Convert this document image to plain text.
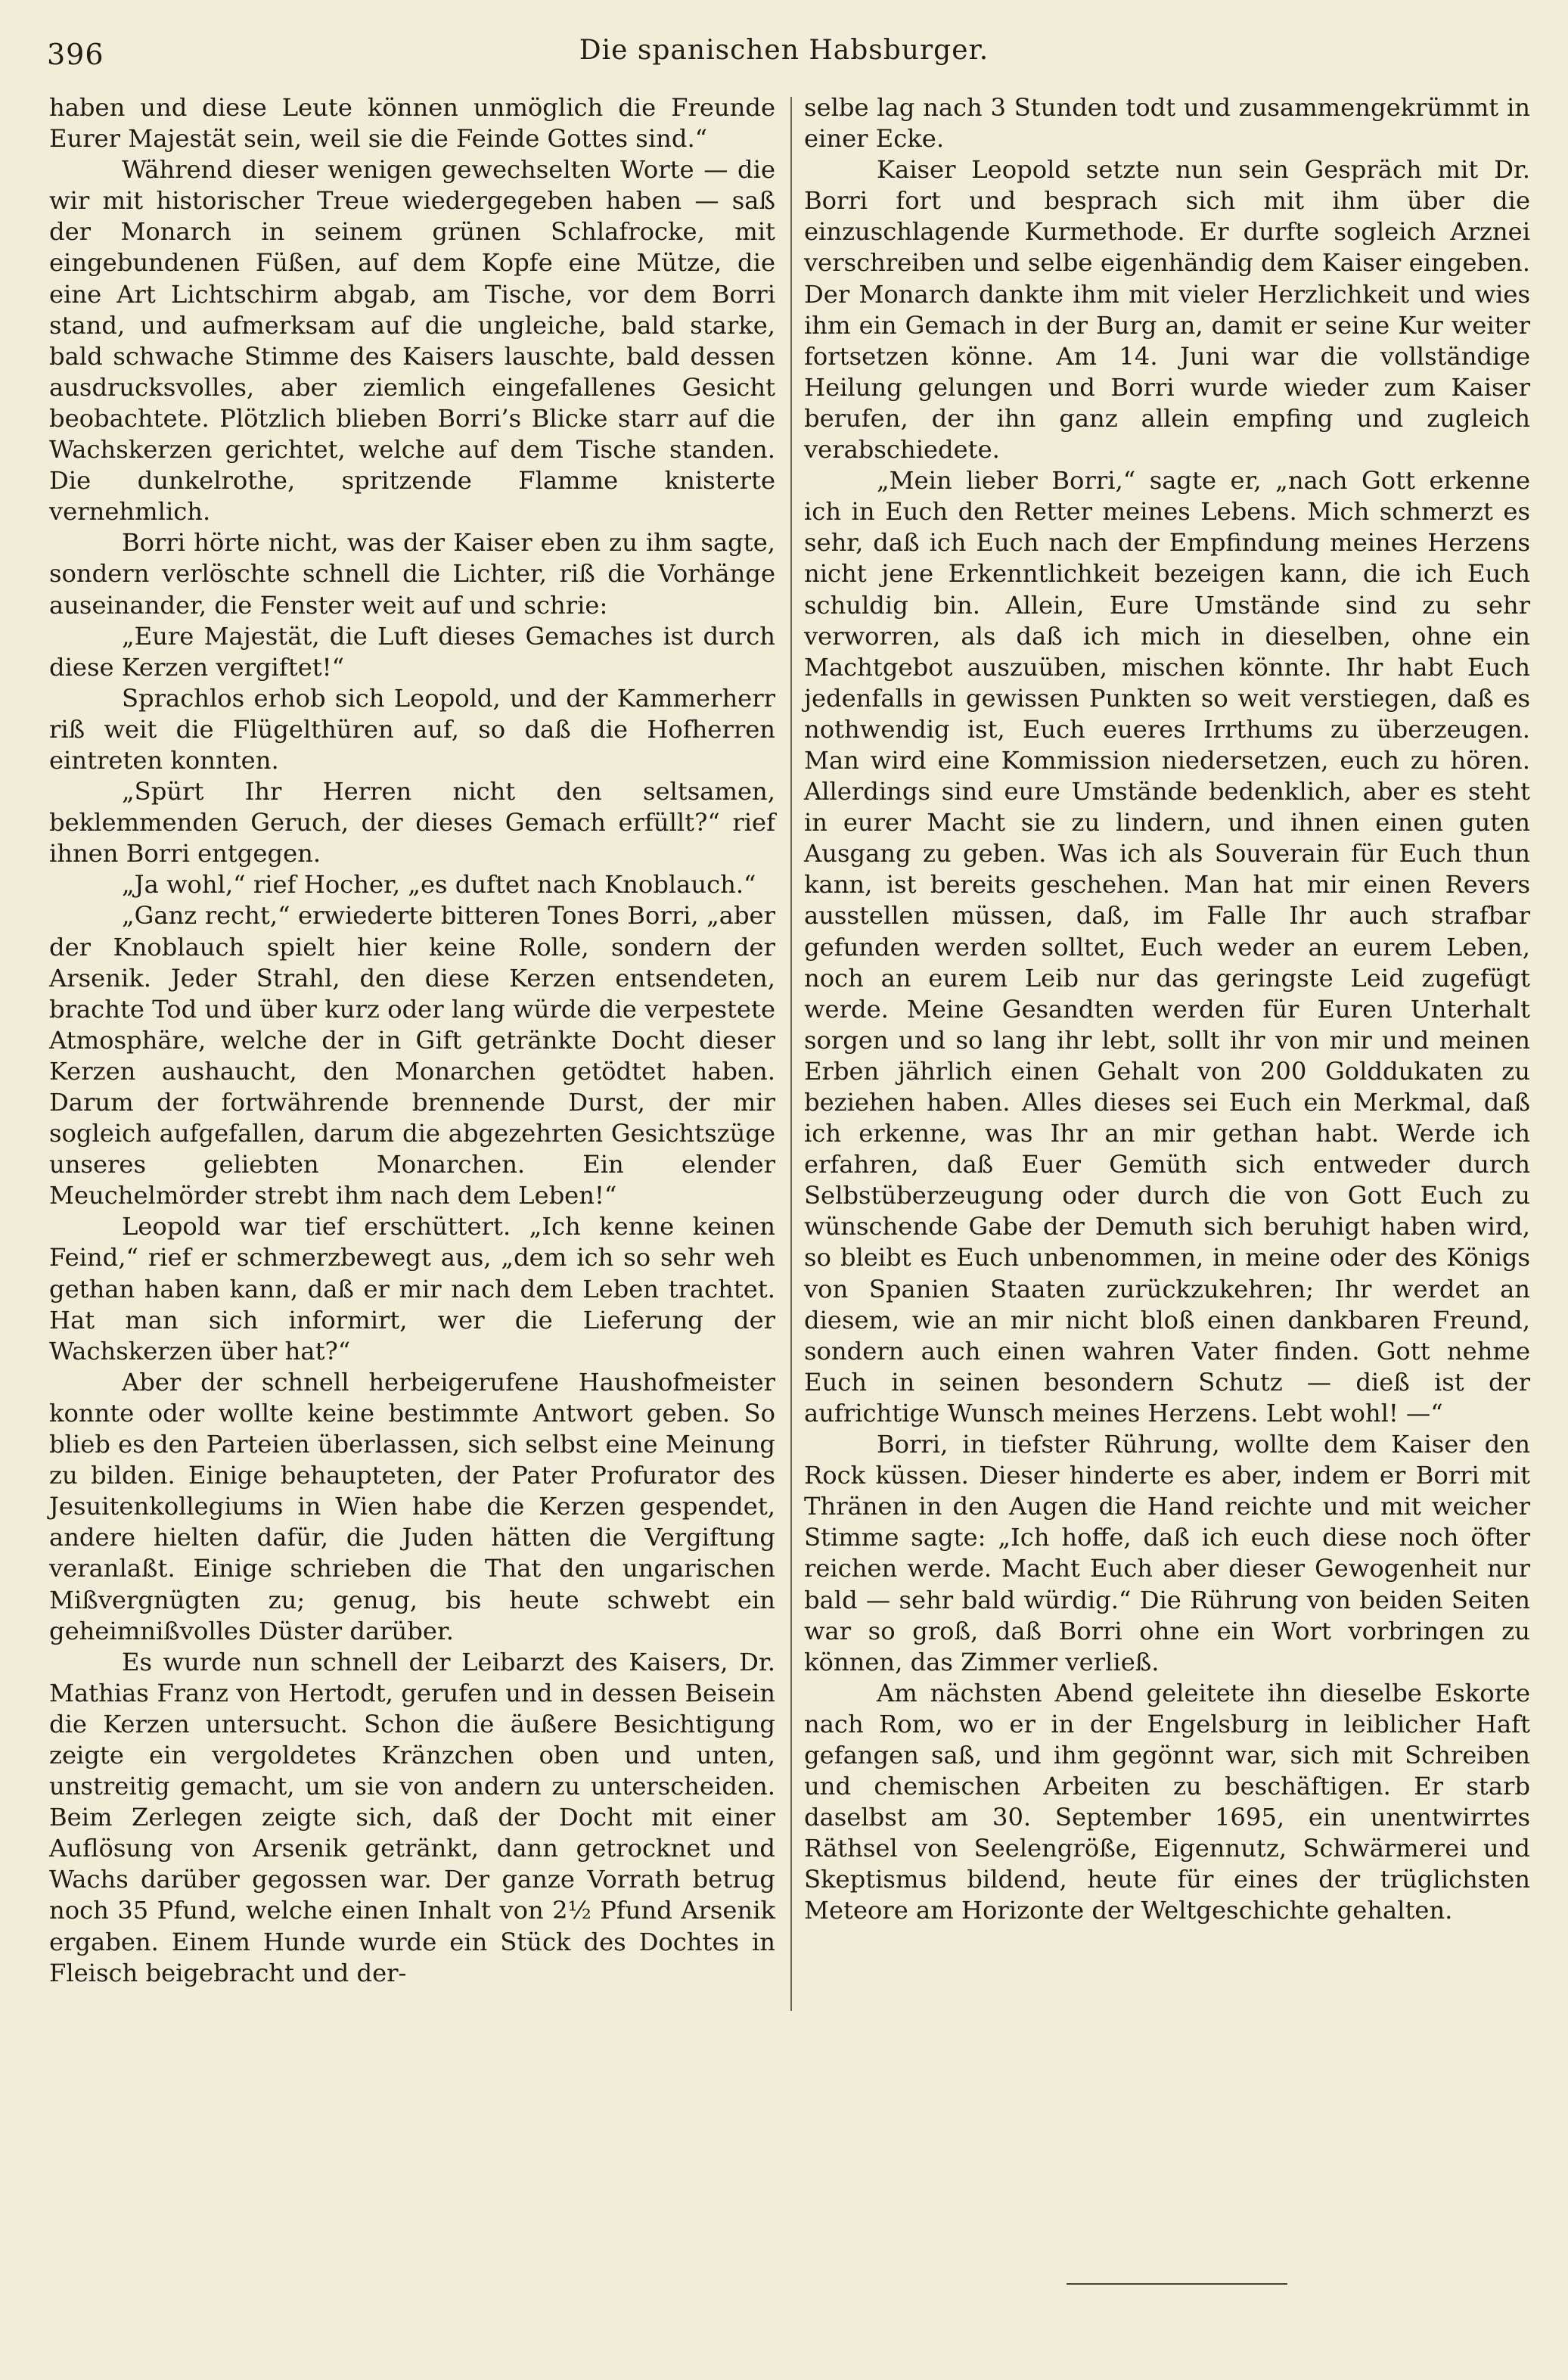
396	Die spanischen Habsburger.

haben und diese Leute können unmöglich die Freunde Eurer Majestät sein, weil sie die Feinde Gottes sind.“

Während dieser wenigen gewechselten Worte — die wir mit historischer Treue wiedergegeben haben — saß der Monarch in seinem grünen Schlafrocke, mit eingebundenen Füßen, auf dem Kopfe eine Mütze, die eine Art Lichtschirm abgab, am Tische, vor dem Borri stand, und aufmerksam auf die ungleiche, bald starke, bald schwache Stimme des Kaisers lauschte, bald dessen ausdrucksvolles, aber ziemlich eingefallenes Gesicht beobachtete. Plötzlich blieben Borri’s Blicke starr auf die Wachskerzen gerichtet, welche auf dem Tische standen. Die dunkelrothe, spritzende Flamme knisterte vernehmlich.

Borri hörte nicht, was der Kaiser eben zu ihm sagte, sondern verlöschte schnell die Lichter, riß die Vorhänge auseinander, die Fenster weit auf und schrie:

„Eure Majestät, die Luft dieses Gemaches ist durch diese Kerzen vergiftet!“

Sprachlos erhob sich Leopold, und der Kammerherr riß weit die Flügelthüren auf, so daß die Hofherren eintreten konnten.

„Spürt Ihr Herren nicht den seltsamen, beklemmenden Geruch, der dieses Gemach erfüllt?“ rief ihnen Borri entgegen.

„Ja wohl,“ rief Hocher, „es duftet nach Knoblauch.“

„Ganz recht,“ erwiederte bitteren Tones Borri, „aber der Knoblauch spielt hier keine Rolle, sondern der Arsenik. Jeder Strahl, den diese Kerzen entsendeten, brachte Tod und über kurz oder lang würde die verpestete Atmosphäre, welche der in Gift getränkte Docht dieser Kerzen aushaucht, den Monarchen getödtet haben. Darum der fortwährende brennende Durst, der mir sogleich aufgefallen, darum die abgezehrten Gesichtszüge unseres geliebten Monarchen. Ein elender Meuchelmörder strebt ihm nach dem Leben!“

Leopold war tief erschüttert. „Ich kenne keinen Feind,“ rief er schmerzbewegt aus, „dem ich so sehr weh gethan haben kann, daß er mir nach dem Leben trachtet. Hat man sich informirt, wer die Lieferung der Wachskerzen über hat?“

Aber der schnell herbeigerufene Haushofmeister konnte oder wollte keine bestimmte Antwort geben. So blieb es den Parteien überlassen, sich selbst eine Meinung zu bilden. Einige behaupteten, der Pater Profurator des Jesuitenkollegiums in Wien habe die Kerzen gespendet, andere hielten dafür, die Juden hätten die Vergiftung veranlaßt. Einige schrieben die That den ungarischen Mißvergnügten zu; genug, bis heute schwebt ein geheimnißvolles Düster darüber.

Es wurde nun schnell der Leibarzt des Kaisers, Dr. Mathias Franz von Hertodt, gerufen und in dessen Beisein die Kerzen untersucht. Schon die äußere Besichtigung zeigte ein vergoldetes Kränzchen oben und unten, unstreitig gemacht, um sie von andern zu unterscheiden. Beim Zerlegen zeigte sich, daß der Docht mit einer Auflösung von Arsenik getränkt, dann getrocknet und Wachs darüber gegossen war. Der ganze Vorrath betrug noch 35 Pfund, welche einen Inhalt von 2½ Pfund Arsenik ergaben. Einem Hunde wurde ein Stück des Dochtes in Fleisch beigebracht und der-

selbe lag nach 3 Stunden todt und zusammengekrümmt in einer Ecke.

Kaiser Leopold setzte nun sein Gespräch mit Dr. Borri fort und besprach sich mit ihm über die einzuschlagende Kurmethode. Er durfte sogleich Arznei verschreiben und selbe eigenhändig dem Kaiser eingeben. Der Monarch dankte ihm mit vieler Herzlichkeit und wies ihm ein Gemach in der Burg an, damit er seine Kur weiter fortsetzen könne. Am 14. Juni war die vollständige Heilung gelungen und Borri wurde wieder zum Kaiser berufen, der ihn ganz allein empfing und zugleich verabschiedete.

„Mein lieber Borri,“ sagte er, „nach Gott erkenne ich in Euch den Retter meines Lebens. Mich schmerzt es sehr, daß ich Euch nach der Empfindung meines Herzens nicht jene Erkenntlichkeit bezeigen kann, die ich Euch schuldig bin. Allein, Eure Umstände sind zu sehr verworren, als daß ich mich in dieselben, ohne ein Machtgebot auszuüben, mischen könnte. Ihr habt Euch jedenfalls in gewissen Punkten so weit verstiegen, daß es nothwendig ist, Euch eueres Irrthums zu überzeugen. Man wird eine Kommission niedersetzen, euch zu hören. Allerdings sind eure Umstände bedenklich, aber es steht in eurer Macht sie zu lindern, und ihnen einen guten Ausgang zu geben. Was ich als Souverain für Euch thun kann, ist bereits geschehen. Man hat mir einen Revers ausstellen müssen, daß, im Falle Ihr auch strafbar gefunden werden solltet, Euch weder an eurem Leben, noch an eurem Leib nur das geringste Leid zugefügt werde. Meine Gesandten werden für Euren Unterhalt sorgen und so lang ihr lebt, sollt ihr von mir und meinen Erben jährlich einen Gehalt von 200 Golddukaten zu beziehen haben. Alles dieses sei Euch ein Merkmal, daß ich erkenne, was Ihr an mir gethan habt. Werde ich erfahren, daß Euer Gemüth sich entweder durch Selbstüberzeugung oder durch die von Gott Euch zu wünschende Gabe der Demuth sich beruhigt haben wird, so bleibt es Euch unbenommen, in meine oder des Königs von Spanien Staaten zurückzukehren; Ihr werdet an diesem, wie an mir nicht bloß einen dankbaren Freund, sondern auch einen wahren Vater finden. Gott nehme Euch in seinen besondern Schutz — dieß ist der aufrichtige Wunsch meines Herzens. Lebt wohl! —“

Borri, in tiefster Rührung, wollte dem Kaiser den Rock küssen. Dieser hinderte es aber, indem er Borri mit Thränen in den Augen die Hand reichte und mit weicher Stimme sagte: „Ich hoffe, daß ich euch diese noch öfter reichen werde. Macht Euch aber dieser Gewogenheit nur bald — sehr bald würdig.“ Die Rührung von beiden Seiten war so groß, daß Borri ohne ein Wort vorbringen zu können, das Zimmer verließ.

Am nächsten Abend geleitete ihn dieselbe Eskorte nach Rom, wo er in der Engelsburg in leiblicher Haft gefangen saß, und ihm gegönnt war, sich mit Schreiben und chemischen Arbeiten zu beschäftigen. Er starb daselbst am 30. September 1695, ein unentwirrtes Räthsel von Seelengröße, Eigennutz, Schwärmerei und Skeptismus bildend, heute für eines der trüglichsten Meteore am Horizonte der Weltgeschichte gehalten.
